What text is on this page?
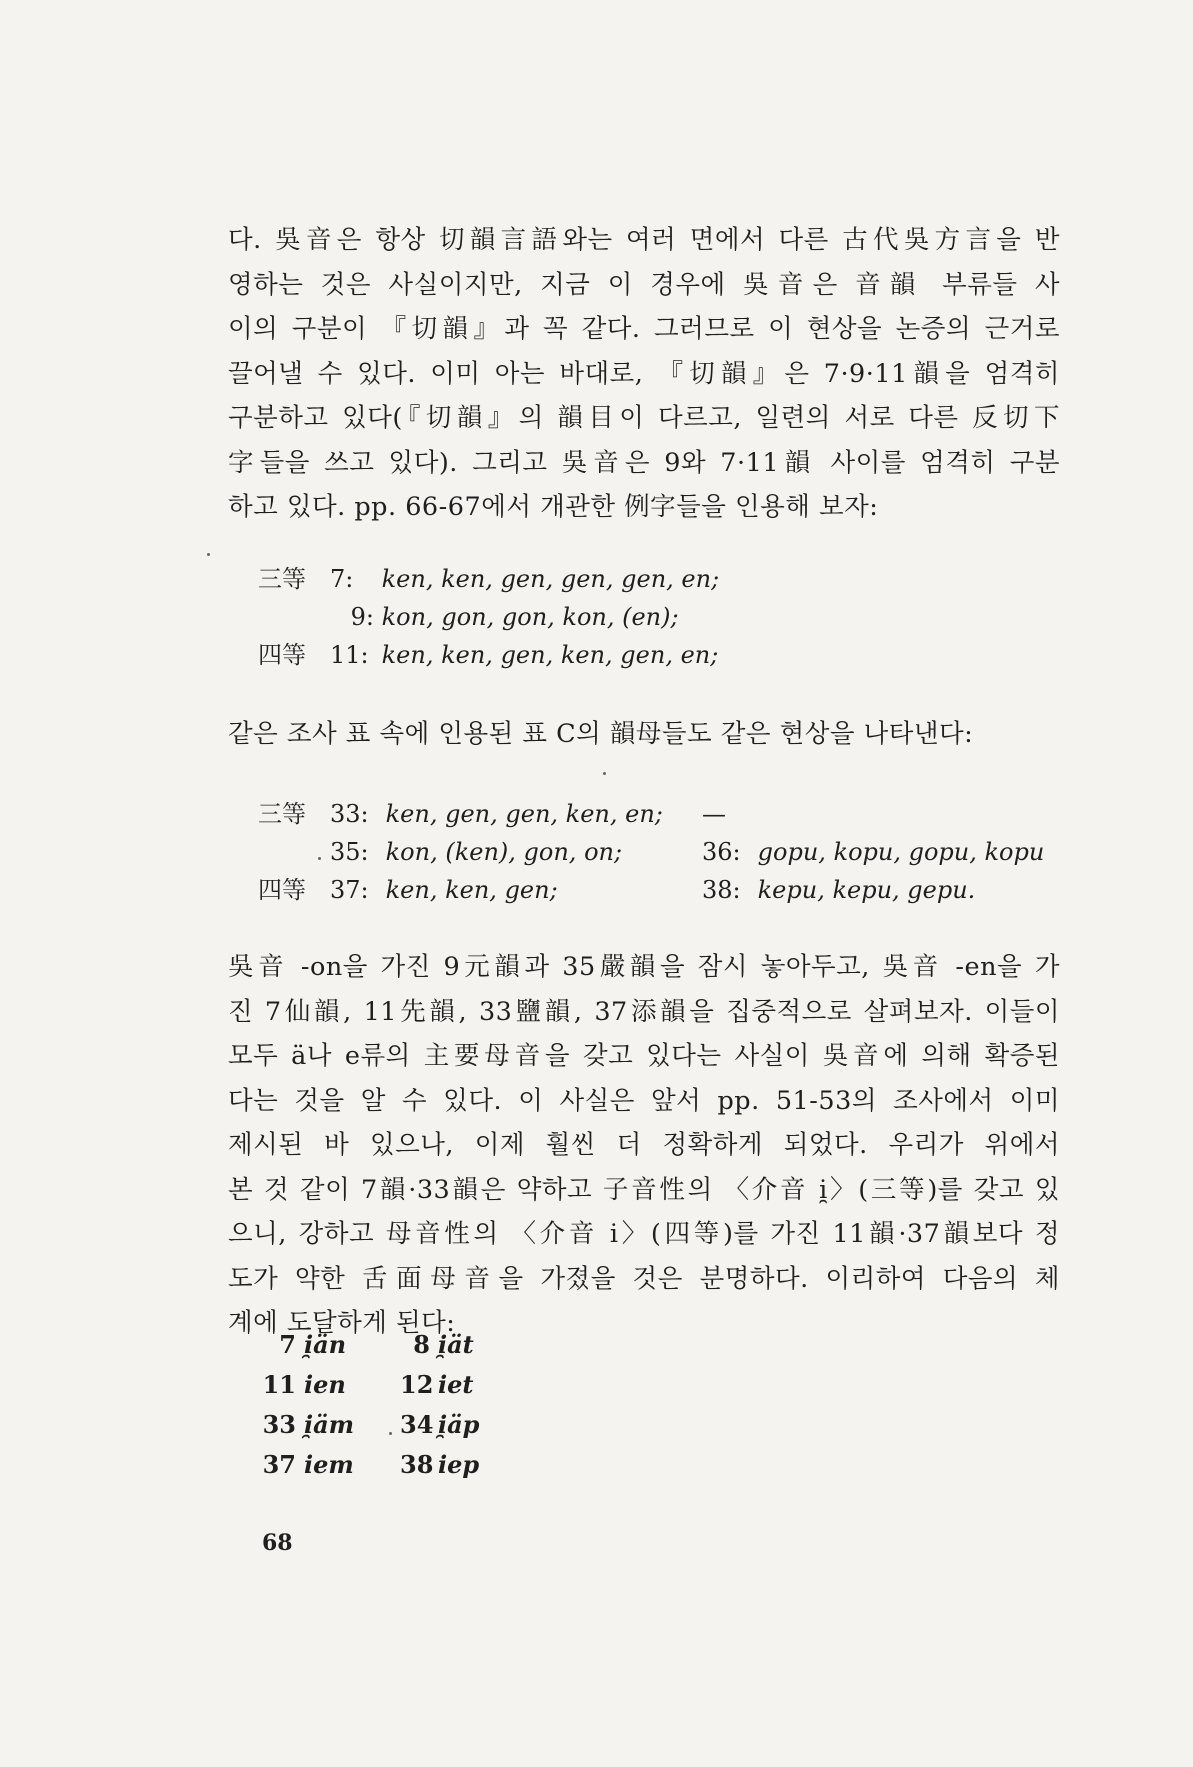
다. 吳音은 항상 切韻言語와는 여러 면에서 다른 古代吳方言을 반
영하는 것은 사실이지만, 지금 이 경우에 吳音은 音韻 부류들 사
이의 구분이 『切韻』과 꼭 같다. 그러므로 이 현상을 논증의 근거로
끌어낼 수 있다. 이미 아는 바대로, 『切韻』은 7·9·11韻을 엄격히
구분하고 있다(『切韻』의 韻目이 다르고, 일련의 서로 다른 反切下
字들을 쓰고 있다). 그리고 吳音은 9와 7·11韻 사이를 엄격히 구분
하고 있다. pp. 66-67에서 개관한 例字들을 인용해 보자:
三等 7: ken, ken, gen, gen, gen, en;
9: kon, gon, gon, kon, (en);
四等 11: ken, ken, gen, ken, gen, en;
같은 조사 표 속에 인용된 표 C의 韻母들도 같은 현상을 나타낸다:
三等 33: ken, gen, gen, ken, en;
35: kon, (ken), gon, on;
四等 37: ken, ken, gen;
—
36: gopu, kopu, gopu, kopu
38: kepu, kepu, gepu.
吳音 -on을 가진 9元韻과 35嚴韻을 잠시 놓아두고, 吳音 -en을 가
진 7仙韻, 11先韻, 33鹽韻, 37添韻을 집중적으로 살펴보자. 이들이
모두 ä나 e류의 主要母音을 갖고 있다는 사실이 吳音에 의해 확증된
다는 것을 알 수 있다. 이 사실은 앞서 pp. 51-53의 조사에서 이미
제시된 바 있으나, 이제 훨씬 더 정확하게 되었다. 우리가 위에서
본 것 같이 7韻·33韻은 약하고 子音性의 〈介音 i̯〉(三等)를 갖고 있
으니, 강하고 母音性의 〈介音 i〉(四等)를 가진 11韻·37韻보다 정
도가 약한 舌面母音을 가졌을 것은 분명하다. 이리하여 다음의 체
계에 도달하게 된다:
7 i̯än	8 i̯ät
11 ien 12 iet
33 i̯äm 34 i̯äp
37 iem 38 iep
68
